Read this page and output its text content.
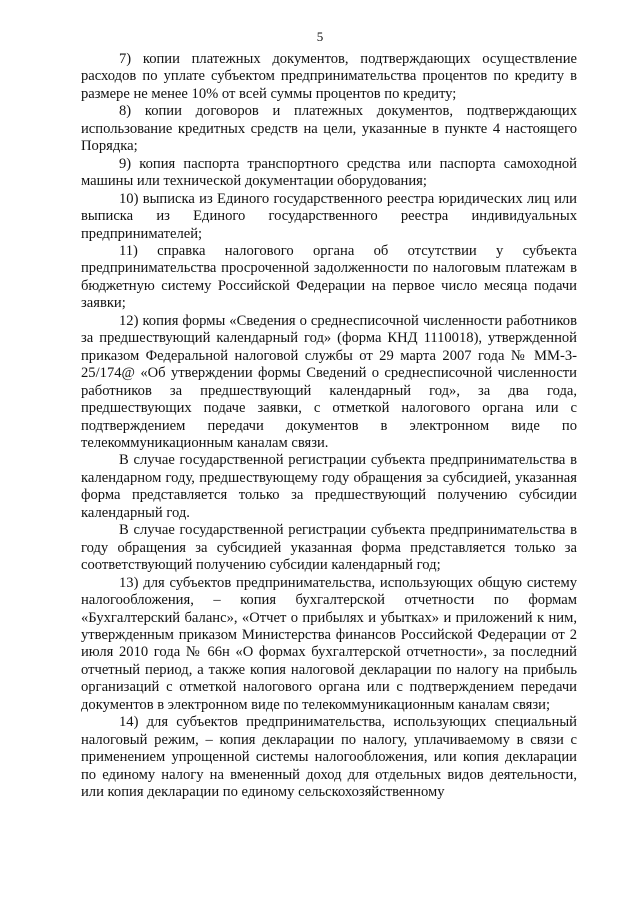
5

7) копии платежных документов, подтверждающих осуществление расходов по уплате субъектом предпринимательства процентов по кредиту в размере не менее 10% от всей суммы процентов по кредиту;

8) копии договоров и платежных документов, подтверждающих использование кредитных средств на цели, указанные в пункте 4 настоящего Порядка;

9) копия паспорта транспортного средства или паспорта самоходной машины или технической документации оборудования;

10) выписка из Единого государственного реестра юридических лиц или выписка из Единого государственного реестра индивидуальных предпринимателей;

11) справка налогового органа об отсутствии у субъекта предпринимательства просроченной задолженности по налоговым платежам в бюджетную систему Российской Федерации на первое число месяца подачи заявки;

12) копия формы «Сведения о среднесписочной численности работников за предшествующий календарный год» (форма КНД 1110018), утвержденной приказом Федеральной налоговой службы от 29 марта 2007 года № ММ-3-25/174@ «Об утверждении формы Сведений о среднесписочной численности работников за предшествующий календарный год», за два года, предшествующих подаче заявки, с отметкой налогового органа или с подтверждением передачи документов в электронном виде по телекоммуникационным каналам связи.

В случае государственной регистрации субъекта предпринимательства в календарном году, предшествующему году обращения за субсидией, указанная форма представляется только за предшествующий получению субсидии календарный год.

В случае государственной регистрации субъекта предпринимательства в году обращения за субсидией указанная форма представляется только за соответствующий получению субсидии календарный год;

13) для субъектов предпринимательства, использующих общую систему налогообложения, – копия бухгалтерской отчетности по формам «Бухгалтерский баланс», «Отчет о прибылях и убытках» и приложений к ним, утвержденным приказом Министерства финансов Российской Федерации от 2 июля 2010 года № 66н «О формах бухгалтерской отчетности», за последний отчетный период, а также копия налоговой декларации по налогу на прибыль организаций с отметкой налогового органа или с подтверждением передачи документов в электронном виде по телекоммуникационным каналам связи;

14) для субъектов предпринимательства, использующих специальный налоговый режим, – копия декларации по налогу, уплачиваемому в связи с применением упрощенной системы налогообложения, или копия декларации по единому налогу на вмененный доход для отдельных видов деятельности, или копия декларации по единому сельскохозяйственному
